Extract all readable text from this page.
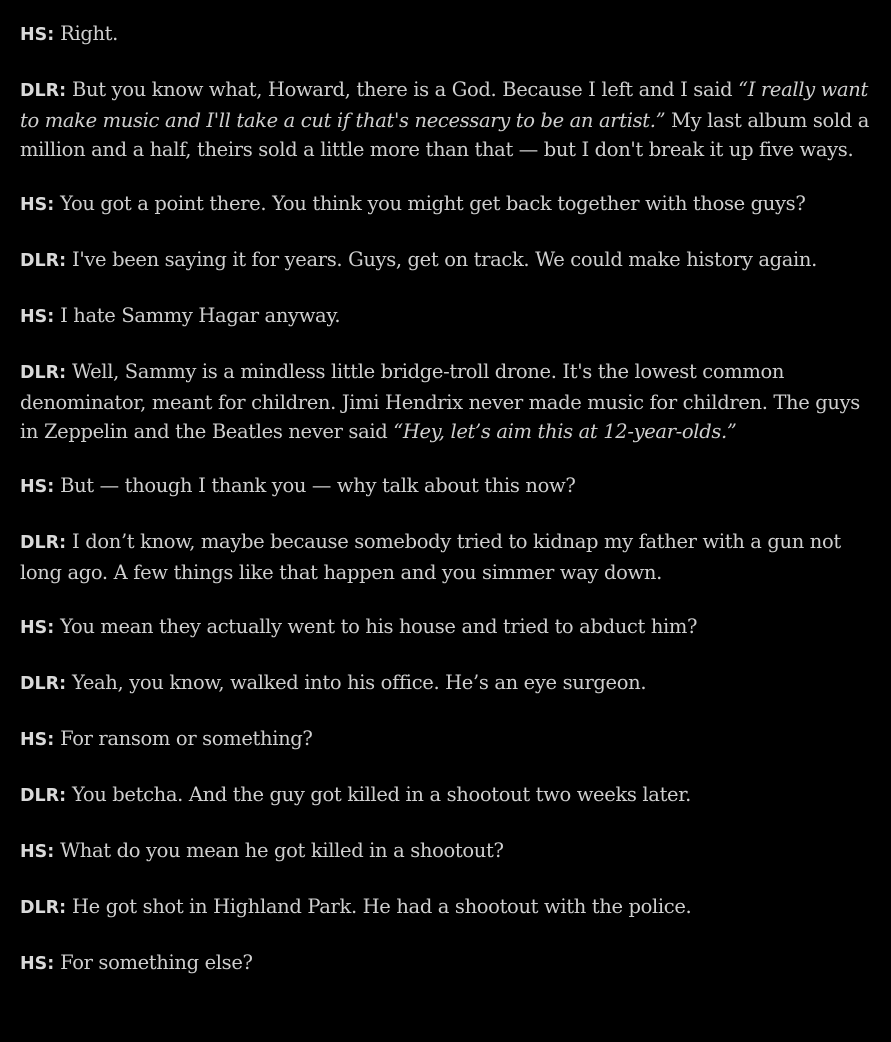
HS: Right.

DLR: But you know what, Howard, there is a God. Because I left and I said “I really want to make music and I'll take a cut if that's necessary to be an artist.” My last album sold a million and a half, theirs sold a little more than that — but I don't break it up five ways.

HS: You got a point there. You think you might get back together with those guys?

DLR: I've been saying it for years. Guys, get on track. We could make history again.

HS: I hate Sammy Hagar anyway.

DLR: Well, Sammy is a mindless little bridge-troll drone. It's the lowest common denominator, meant for children. Jimi Hendrix never made music for children. The guys in Zeppelin and the Beatles never said “Hey, let’s aim this at 12-year-olds.”

HS: But — though I thank you — why talk about this now?

DLR: I don’t know, maybe because somebody tried to kidnap my father with a gun not long ago. A few things like that happen and you simmer way down.

HS: You mean they actually went to his house and tried to abduct him?

DLR: Yeah, you know, walked into his office. He’s an eye surgeon.

HS: For ransom or something?

DLR: You betcha. And the guy got killed in a shootout two weeks later.

HS: What do you mean he got killed in a shootout?

DLR: He got shot in Highland Park. He had a shootout with the police.

HS: For something else?
